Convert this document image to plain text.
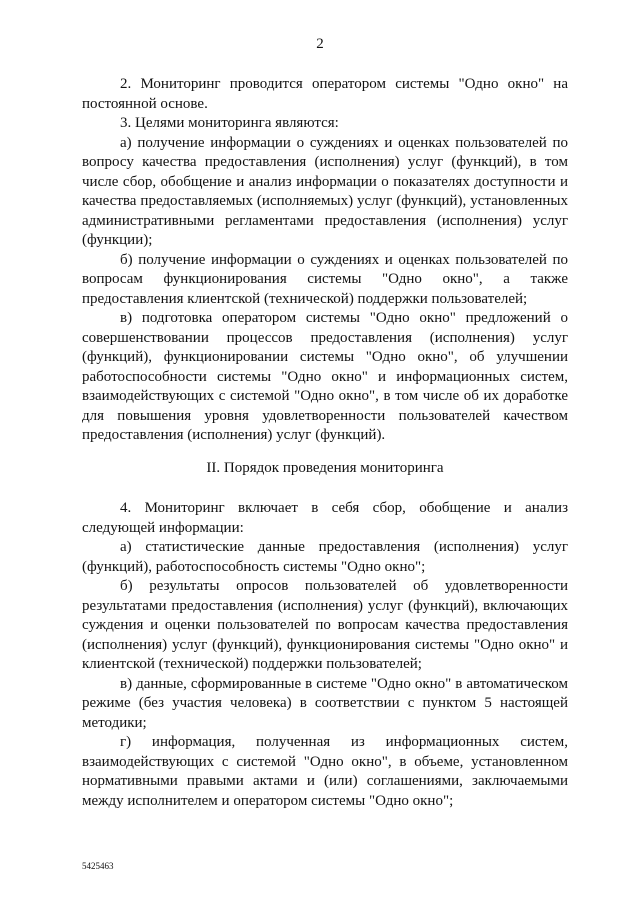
2

2. Мониторинг проводится оператором системы "Одно окно" на постоянной основе.

3. Целями мониторинга являются:

а) получение информации о суждениях и оценках пользователей по вопросу качества предоставления (исполнения) услуг (функций), в том числе сбор, обобщение и анализ информации о показателях доступности и качества предоставляемых (исполняемых) услуг (функций), установленных административными регламентами предоставления (исполнения) услуг (функции);

б) получение информации о суждениях и оценках пользователей по вопросам функционирования системы "Одно окно", а также предоставления клиентской (технической) поддержки пользователей;

в) подготовка оператором системы "Одно окно" предложений о совершенствовании процессов предоставления (исполнения) услуг (функций), функционировании системы "Одно окно", об улучшении работоспособности системы "Одно окно" и информационных систем, взаимодействующих с системой "Одно окно", в том числе об их доработке для повышения уровня удовлетворенности пользователей качеством предоставления (исполнения) услуг (функций).

II. Порядок проведения мониторинга

4. Мониторинг включает в себя сбор, обобщение и анализ следующей информации:

а) статистические данные предоставления (исполнения) услуг (функций), работоспособность системы "Одно окно";

б) результаты опросов пользователей об удовлетворенности результатами предоставления (исполнения) услуг (функций), включающих суждения и оценки пользователей по вопросам качества предоставления (исполнения) услуг (функций), функционирования системы "Одно окно" и клиентской (технической) поддержки пользователей;

в) данные, сформированные в системе "Одно окно" в автоматическом режиме (без участия человека) в соответствии с пунктом 5 настоящей методики;

г) информация, полученная из информационных систем, взаимодействующих с системой "Одно окно", в объеме, установленном нормативными правыми актами и (или) соглашениями, заключаемыми между исполнителем и оператором системы "Одно окно";

5425463
